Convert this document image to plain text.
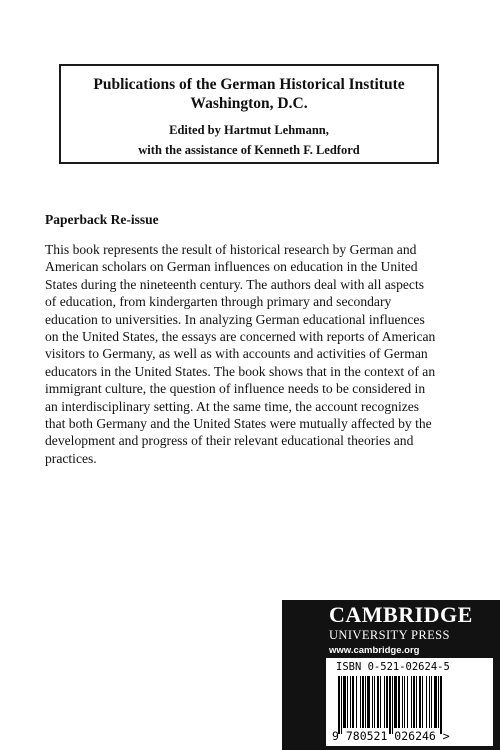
Publications of the German Historical Institute
Washington, D.C.
Edited by Hartmut Lehmann,
with the assistance of Kenneth F. Ledford
Paperback Re-issue

This book represents the result of historical research by German and
American scholars on German influences on education in the United
States during the nineteenth century. The authors deal with all aspects
of education, from kindergarten through primary and secondary
education to universities. In analyzing German educational influences
on the United States, the essays are concerned with reports of American
visitors to Germany, as well as with accounts and activities of German
educators in the United States. The book shows that in the context of an
immigrant culture, the question of influence needs to be considered in
an interdisciplinary setting. At the same time, the account recognizes
that both Germany and the United States were mutually affected by the
development and progress of their relevant educational theories and
practices.

CAMBRIDGE
UNIVERSITY PRESS
www.cambridge.org
ISBN 0-521-02624-5
9 780521 026246 >
